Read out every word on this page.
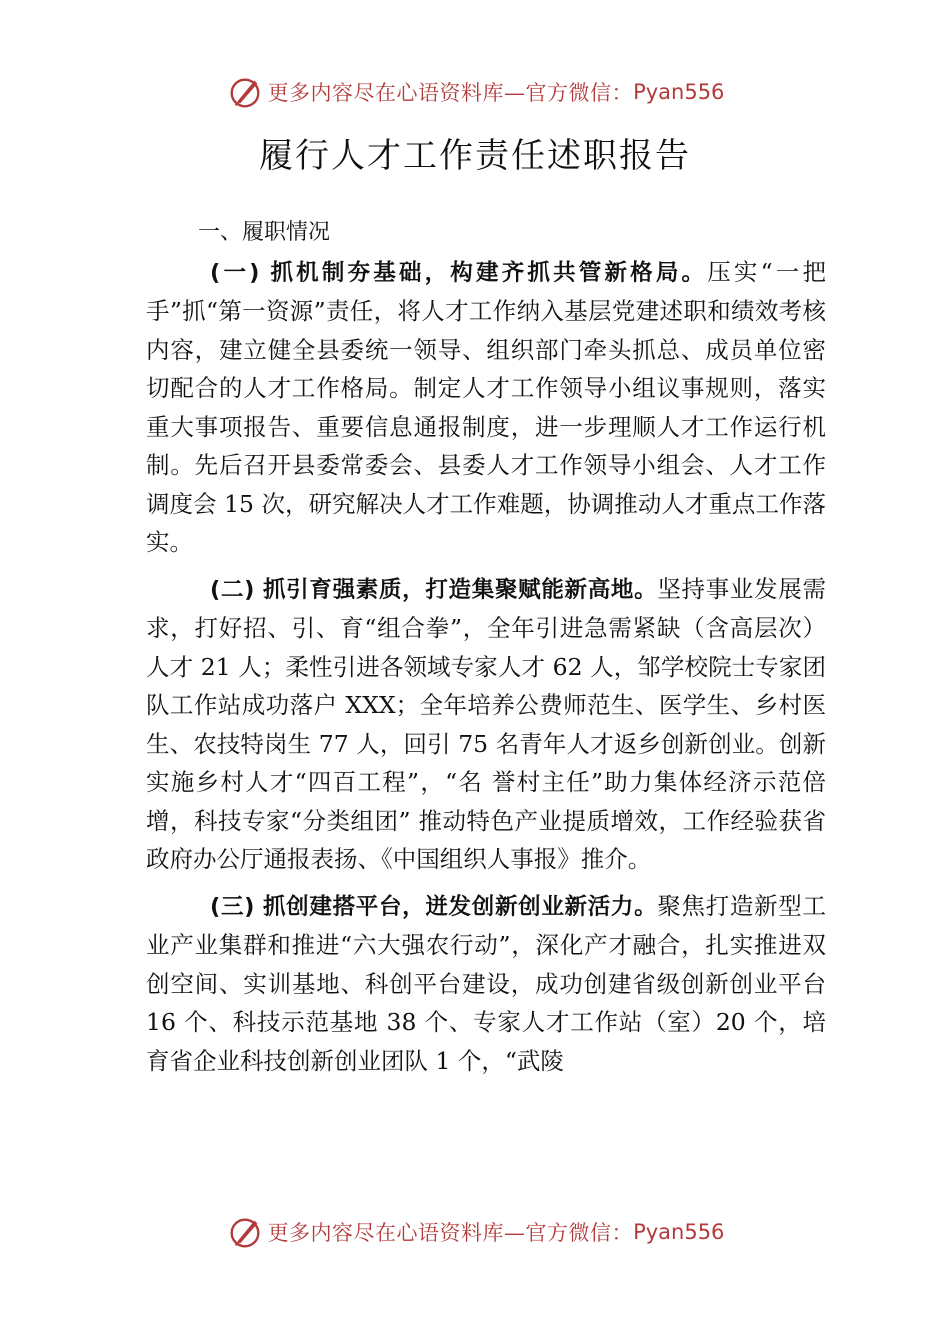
更多内容尽在心语资料库—官方微信： Pyan556
履行人才工作责任述职报告
一、履职情况

(一) 抓机制夯基础，构建齐抓共管新格局。压实“一把手”抓“第一资源”责任，将人才工作纳入基层党建述职和绩效考核内容，建立健全县委统一领导、组织部门牵头抓总、成员单位密切配合的人才工作格局。制定人才工作领导小组议事规则，落实重大事项报告、重要信息通报制度，进一步理顺人才工作运行机制。先后召开县委常委会、县委人才工作领导小组会、人才工作调度会 15 次，研究解决人才工作难题，协调推动人才重点工作落实。

(二) 抓引育强素质，打造集聚赋能新高地。坚持事业发展需求，打好招、引、育“组合拳”，全年引进急需紧缺（含高层次）人才 21 人；柔性引进各领域专家人才 62 人，邹学校院士专家团队工作站成功落户 XXX；全年培养公费师范生、医学生、乡村医生、农技特岗生 77 人，回引 75 名青年人才返乡创新创业。创新实施乡村人才“四百工程”，“名 誉村主任”助力集体经济示范倍增，科技专家“分类组团” 推动特色产业提质增效，工作经验获省政府办公厅通报表扬、《中国组织人事报》推介。

(三) 抓创建搭平台，迸发创新创业新活力。聚焦打造新型工业产业集群和推进“六大强农行动”，深化产才融合，扎实推进双创空间、实训基地、科创平台建设，成功创建省级创新创业平台 16 个、科技示范基地 38 个、专家人才工作站（室）20 个，培育省企业科技创新创业团队 1 个，“武陵

更多内容尽在心语资料库—官方微信： Pyan556
